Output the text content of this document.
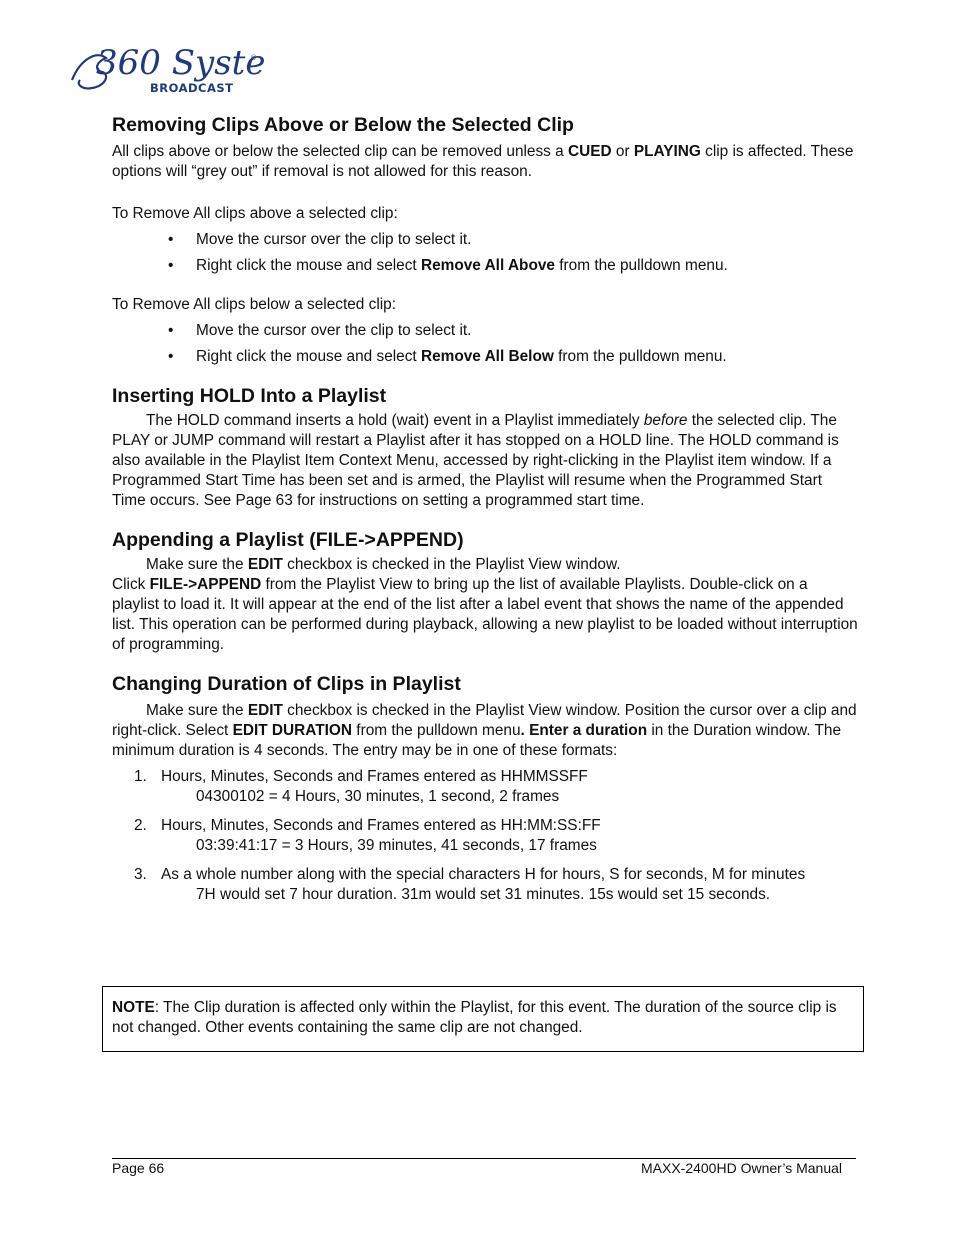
360 Syste
BROADCAST
®
Removing Clips Above or Below the Selected Clip

All clips above or below the selected clip can be removed unless a CUED or PLAYING clip is affected. These options will “grey out” if removal is not allowed for this reason.

To Remove All clips above a selected clip:

• Move the cursor over the clip to select it.
• Right click the mouse and select Remove All Above from the pulldown menu.

To Remove All clips below a selected clip:

• Move the cursor over the clip to select it.
• Right click the mouse and select Remove All Below from the pulldown menu.
Inserting HOLD Into a Playlist

The HOLD command inserts a hold (wait) event in a Playlist immediately before the selected clip. The PLAY or JUMP command will restart a Playlist after it has stopped on a HOLD line. The HOLD command is also available in the Playlist Item Context Menu, accessed by right-clicking in the Playlist item window. If a Programmed Start Time has been set and is armed, the Playlist will resume when the Programmed Start Time occurs. See Page 63 for instructions on setting a programmed start time.

Appending a Playlist (FILE->APPEND)

Make sure the EDIT checkbox is checked in the Playlist View window.

Click FILE->APPEND from the Playlist View to bring up the list of available Playlists. Double-click on a playlist to load it. It will appear at the end of the list after a label event that shows the name of the appended list. This operation can be performed during playback, allowing a new playlist to be loaded without interruption of programming.

Changing Duration of Clips in Playlist

Make sure the EDIT checkbox is checked in the Playlist View window. Position the cursor over a clip and right-click. Select EDIT DURATION from the pulldown menu. Enter a duration in the Duration window. The minimum duration is 4 seconds. The entry may be in one of these formats:

1. Hours, Minutes, Seconds and Frames entered as HHMMSSFF
04300102 = 4 Hours, 30 minutes, 1 second, 2 frames
2. Hours, Minutes, Seconds and Frames entered as HH:MM:SS:FF
03:39:41:17 = 3 Hours, 39 minutes, 41 seconds, 17 frames
3. As a whole number along with the special characters H for hours, S for seconds, M for minutes
7H would set 7 hour duration. 31m would set 31 minutes. 15s would set 15 seconds.
NOTE: The Clip duration is affected only within the Playlist, for this event. The duration of the source clip is not changed. Other events containing the same clip are not changed.
Page 66	MAXX-2400HD Owner’s Manual
